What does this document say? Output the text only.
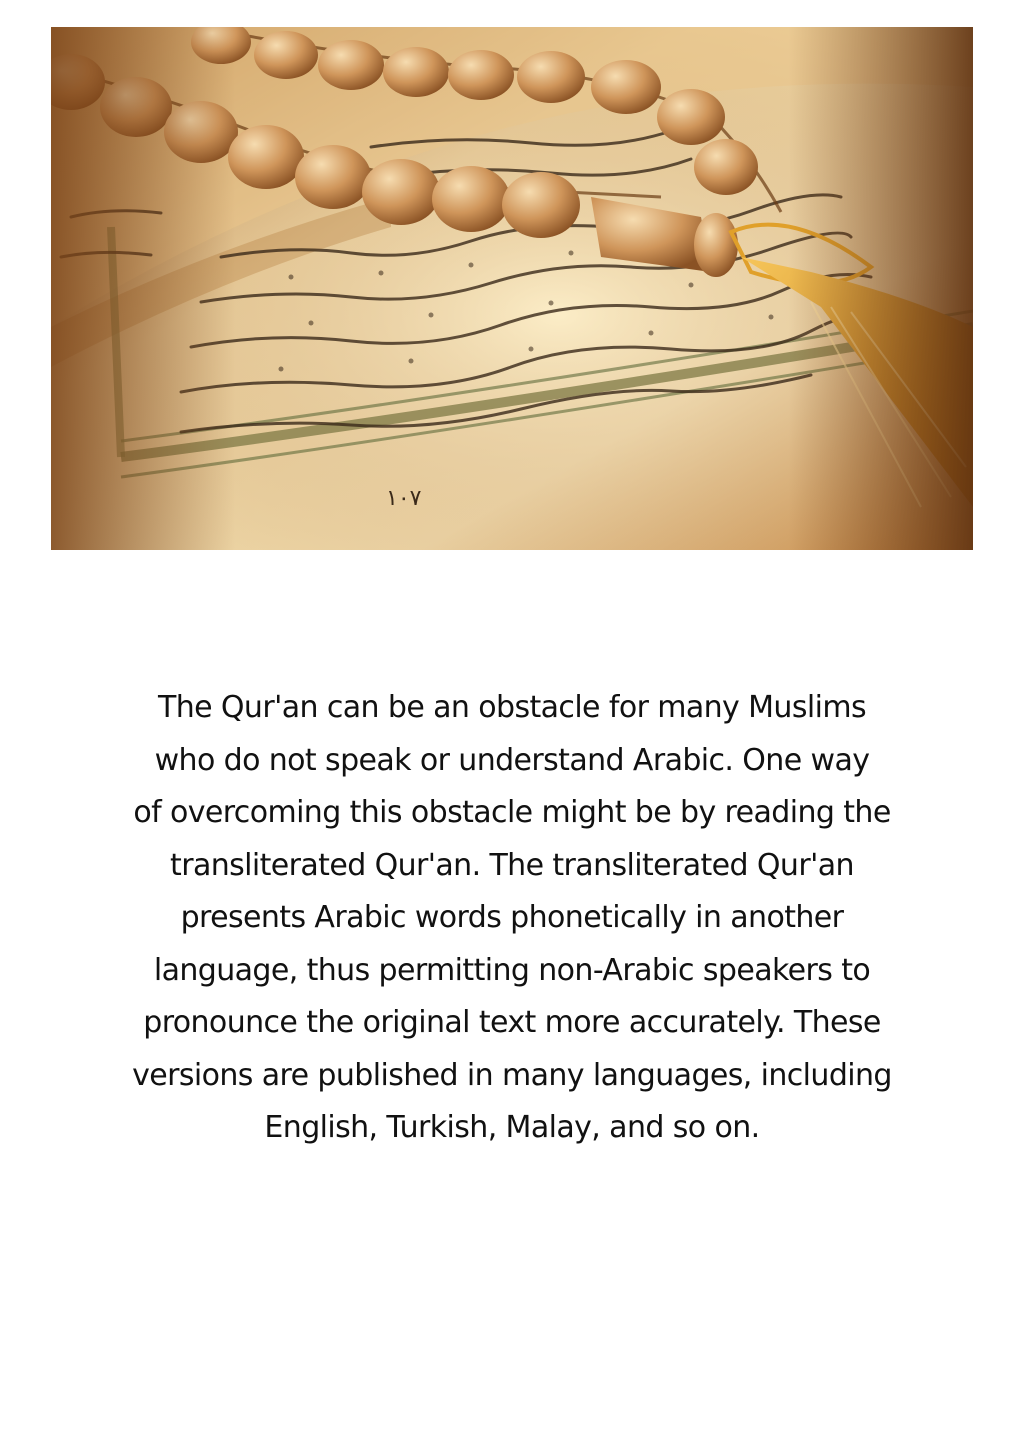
The Qur'an can be an obstacle for many Muslims
who do not speak or understand Arabic. One way
of overcoming this obstacle might be by reading the
transliterated Qur'an. The transliterated Qur'an
presents Arabic words phonetically in another
language, thus permitting non-Arabic speakers to
pronounce the original text more accurately. These
versions are published in many languages, including
English, Turkish, Malay, and so on.
